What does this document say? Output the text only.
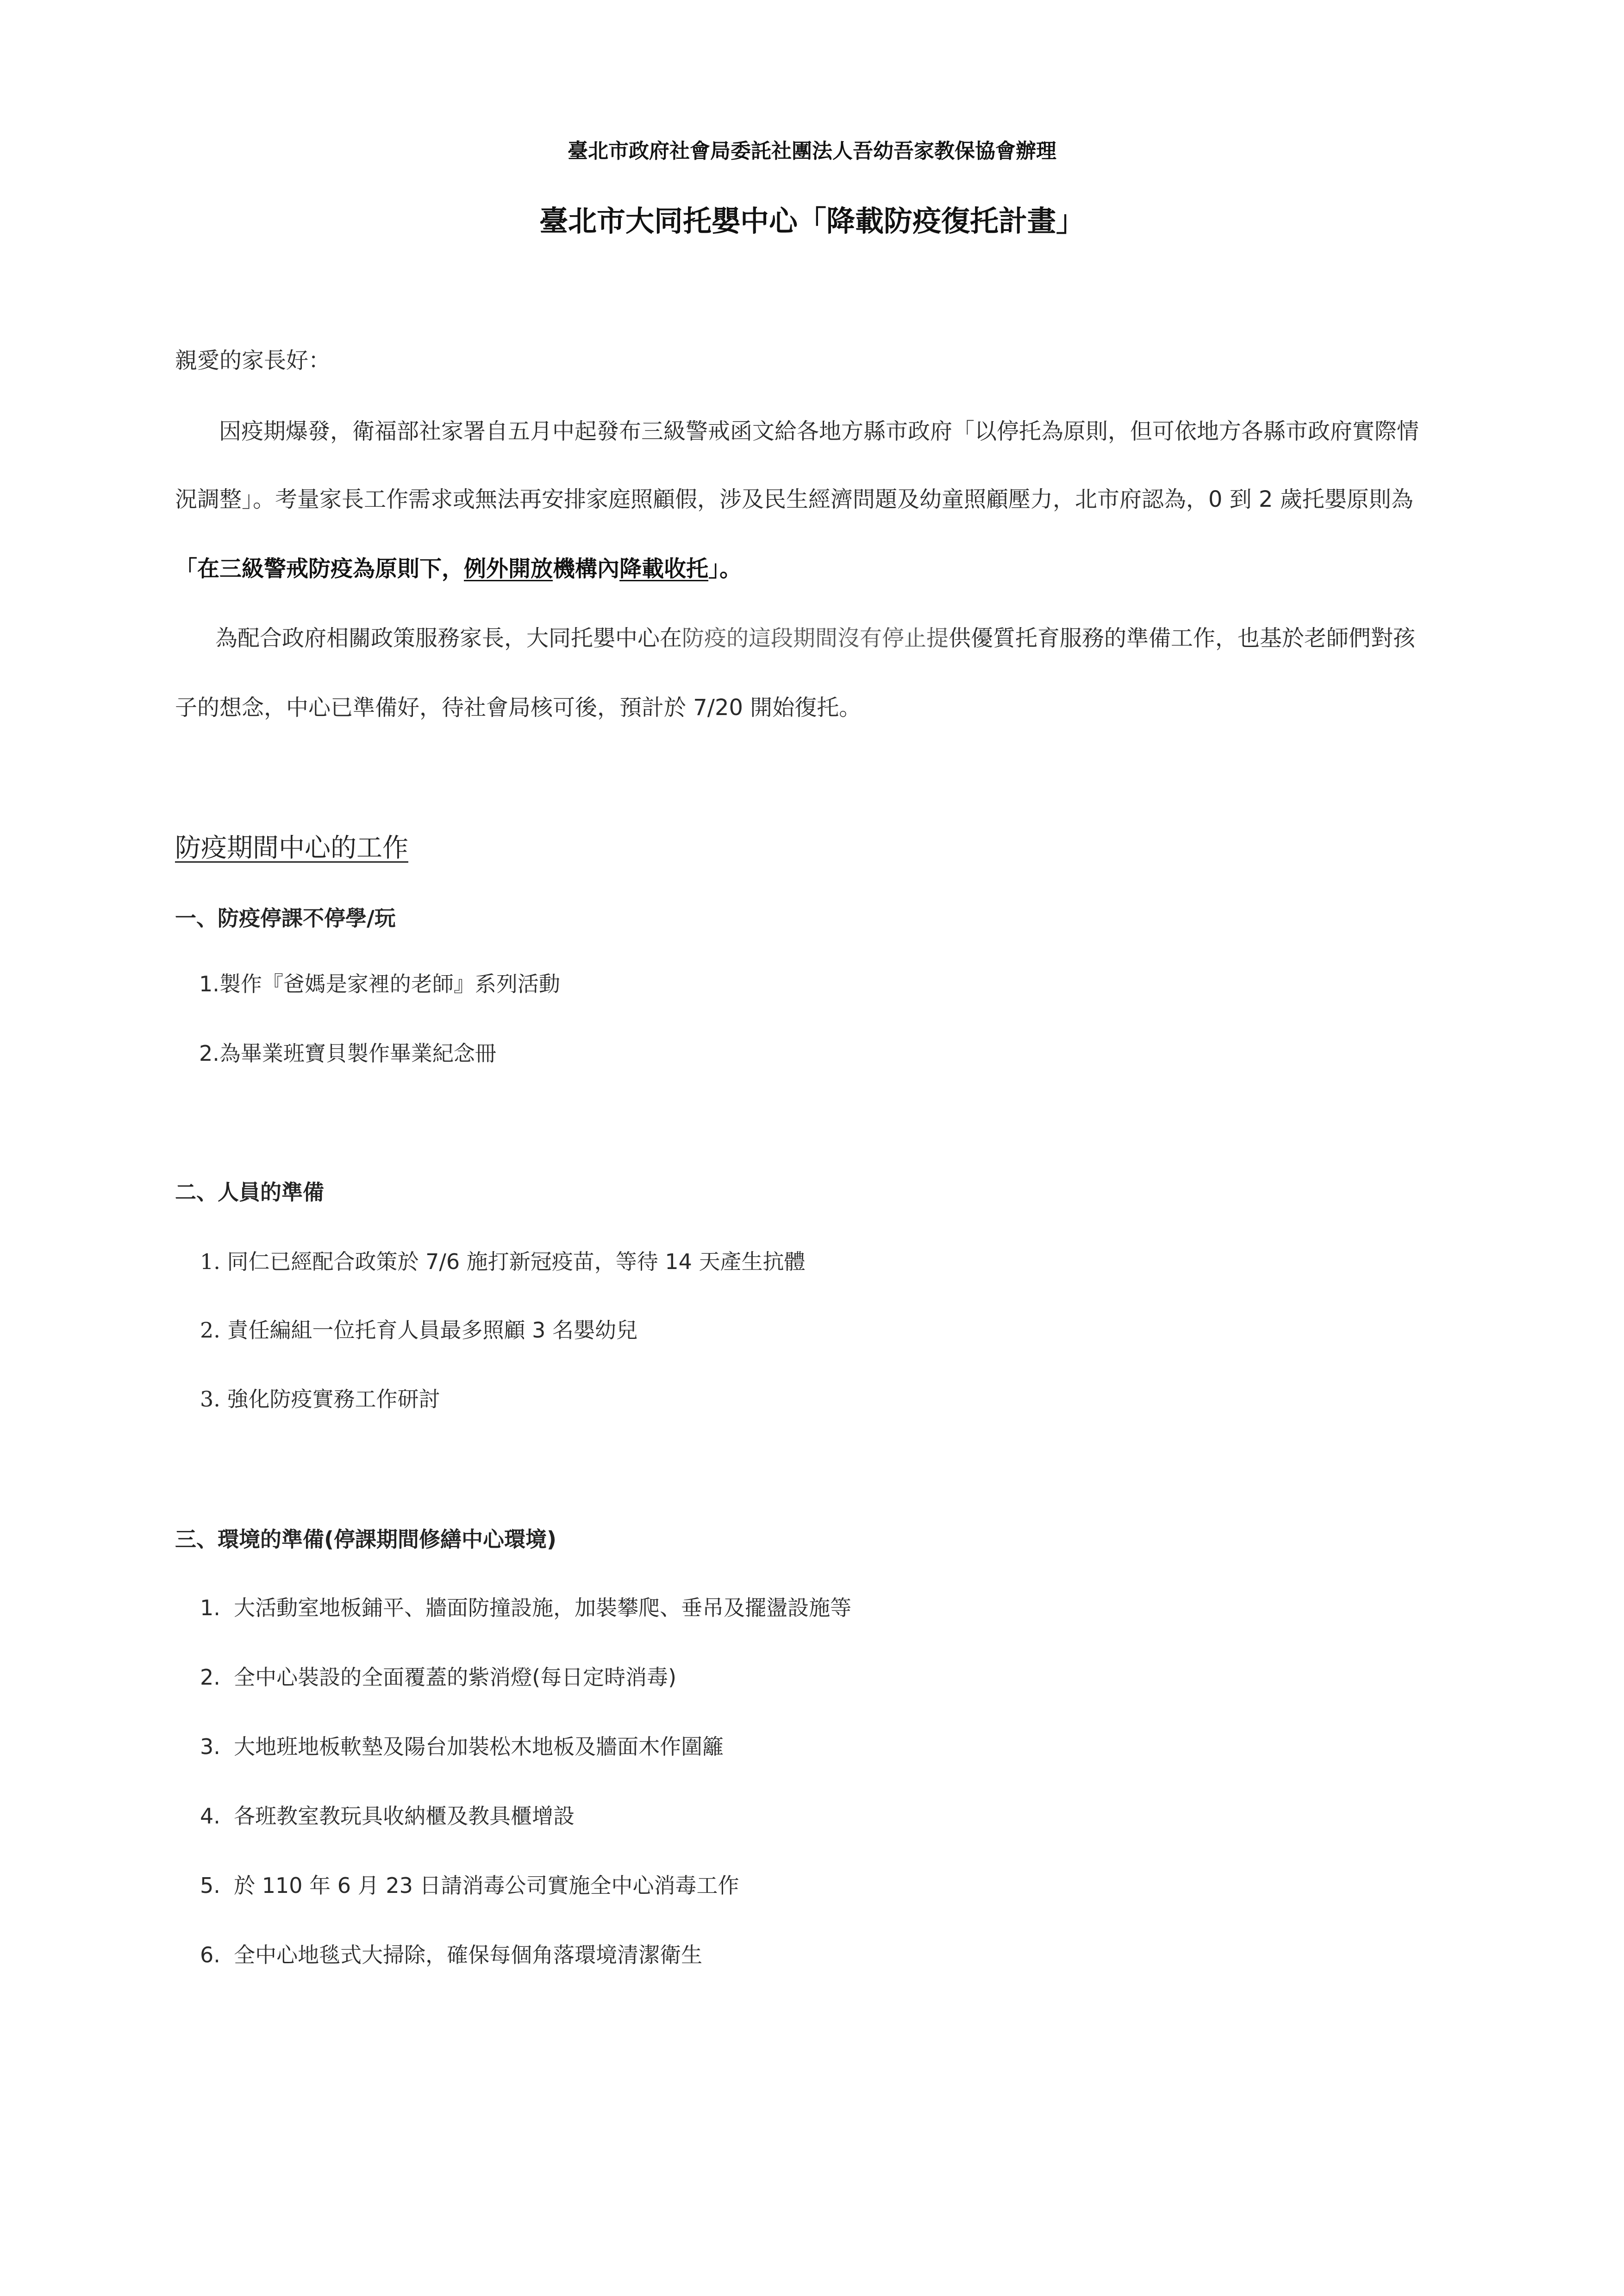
臺北市政府社會局委託社團法人吾幼吾家教保協會辦理
臺北市大同托嬰中心「降載防疫復托計畫」
親愛的家長好：
因疫期爆發，衛福部社家署自五月中起發布三級警戒函文給各地方縣市政府「以停托為原則，但可依地方各縣市政府實際情
況調整」。考量家長工作需求或無法再安排家庭照顧假，涉及民生經濟問題及幼童照顧壓力，北市府認為，0 到 2 歲托嬰原則為
「在三級警戒防疫為原則下，例外開放機構內降載收托」。
為配合政府相關政策服務家長，大同托嬰中心在防疫的這段期間沒有停止提供優質托育服務的準備工作，也基於老師們對孩
子的想念，中心已準備好，待社會局核可後，預計於 7/20 開始復托。
防疫期間中心的工作
一、防疫停課不停學/玩
1.製作『爸媽是家裡的老師』系列活動
2.為畢業班寶貝製作畢業紀念冊
二、人員的準備
1. 同仁已經配合政策於 7/6 施打新冠疫苗，等待 14 天產生抗體
2. 責任編組一位托育人員最多照顧 3 名嬰幼兒
3. 強化防疫實務工作研討
三、環境的準備(停課期間修繕中心環境)
1. 大活動室地板鋪平、牆面防撞設施，加裝攀爬、垂吊及擺盪設施等
2. 全中心裝設的全面覆蓋的紫消燈(每日定時消毒)
3. 大地班地板軟墊及陽台加裝松木地板及牆面木作圍籬
4. 各班教室教玩具收納櫃及教具櫃增設
5. 於 110 年 6 月 23 日請消毒公司實施全中心消毒工作
6. 全中心地毯式大掃除，確保每個角落環境清潔衛生
